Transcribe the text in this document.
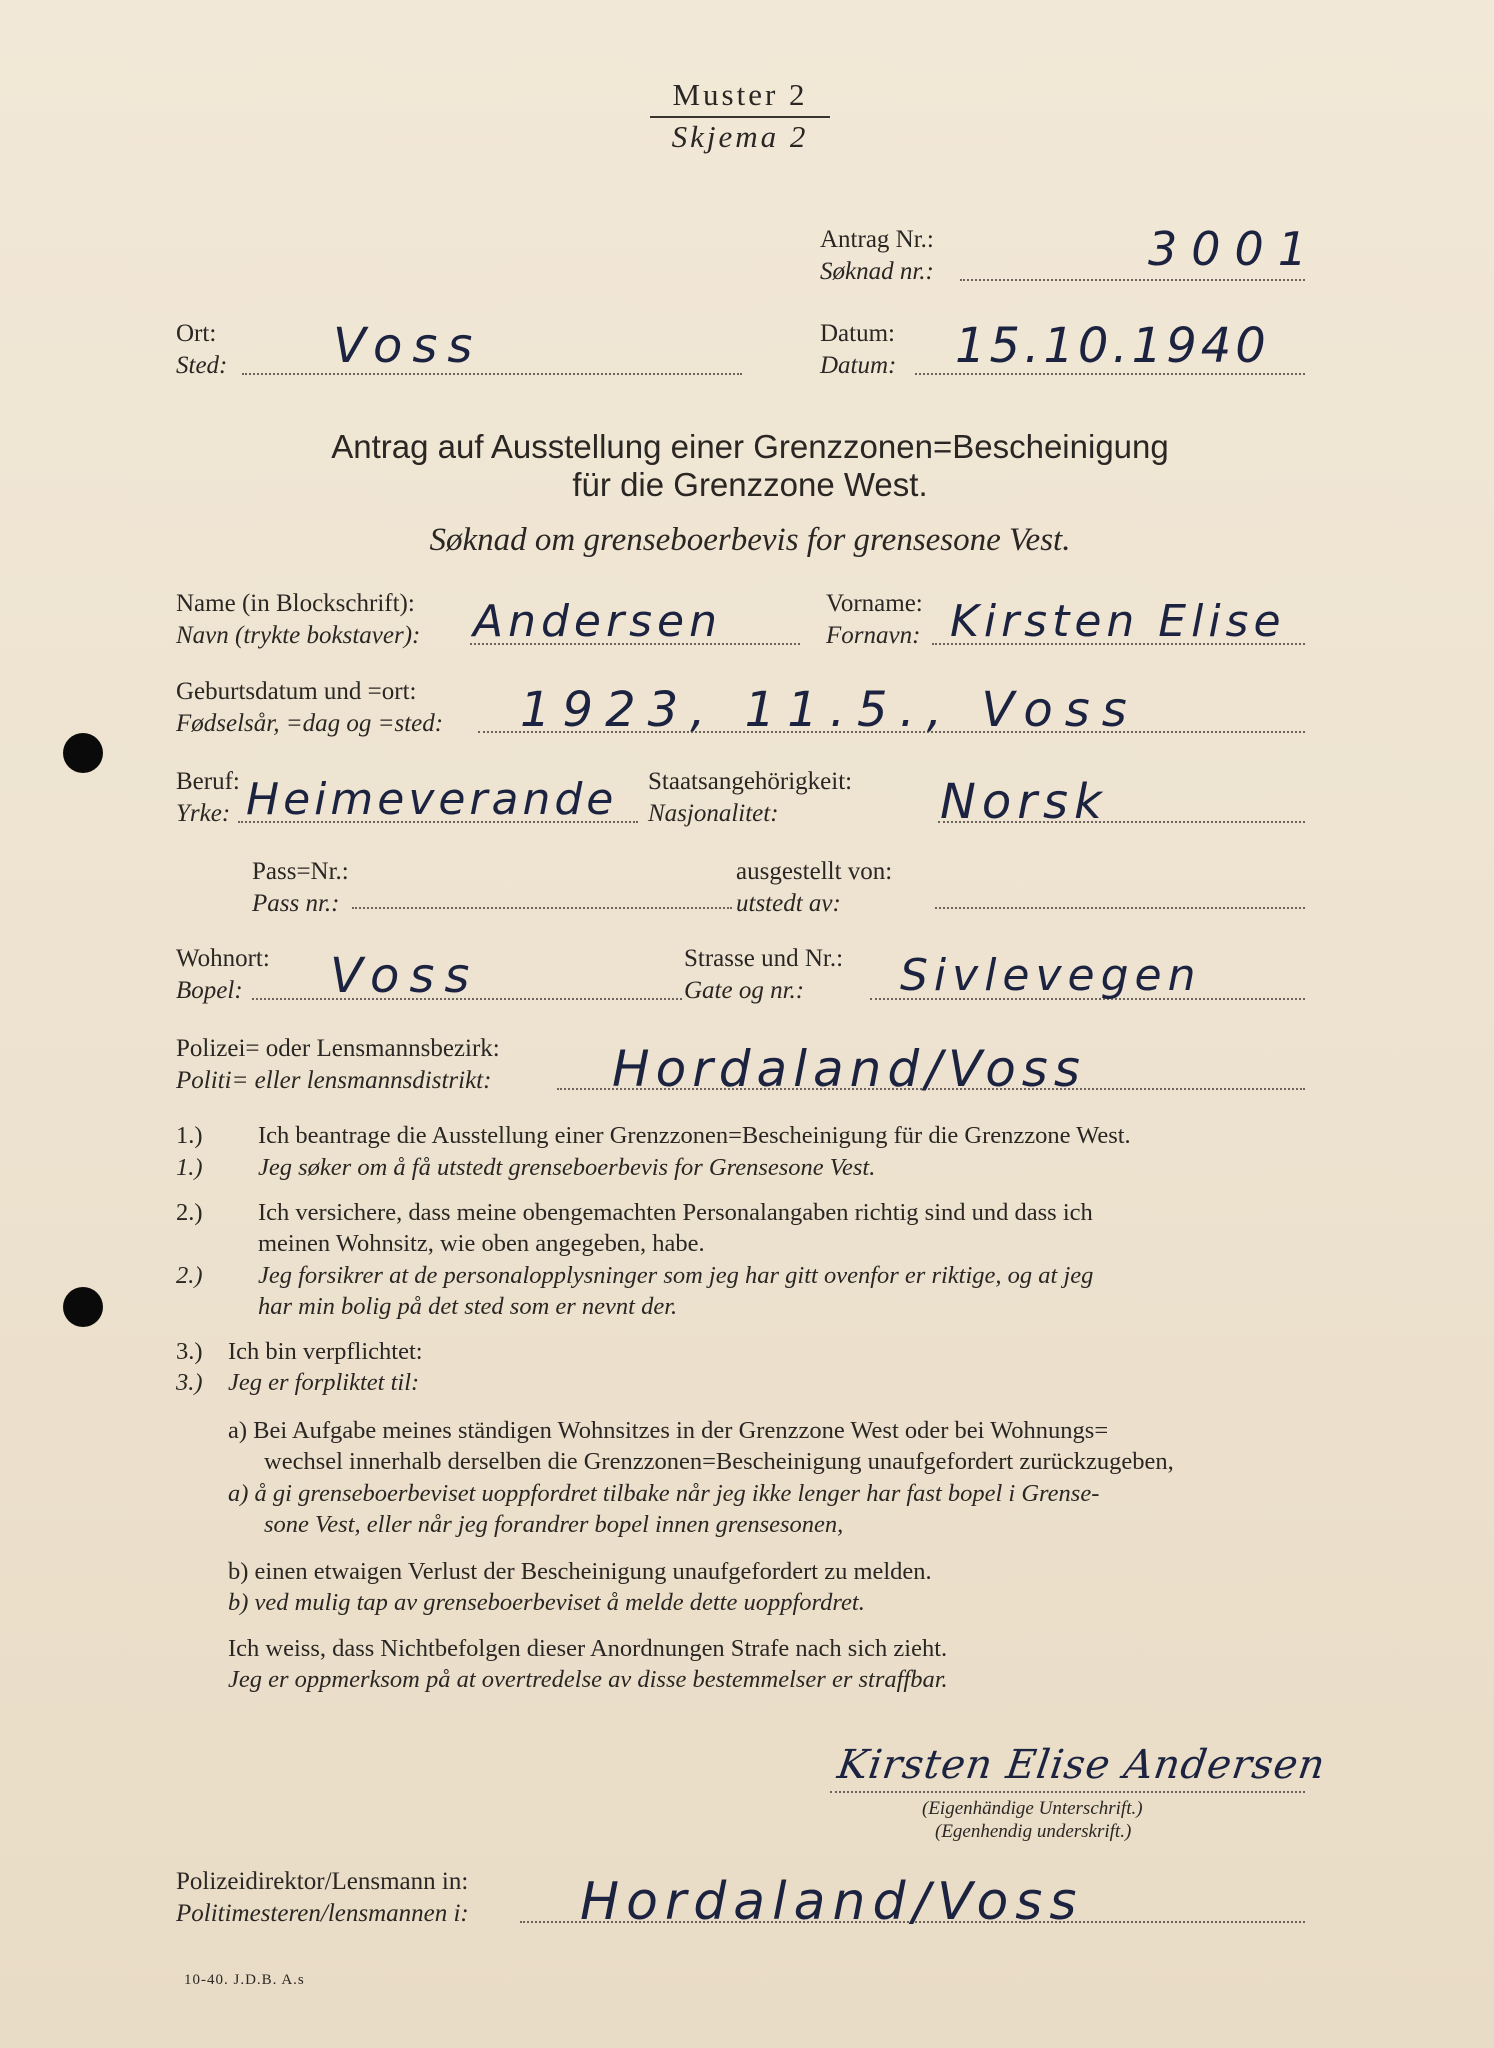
Muster 2
Skjema 2
Antrag Nr.:
Søknad nr.:	3001
Ort:
Sted: Voss	Datum:
Datum: 15.10.1940
Antrag auf Ausstellung einer Grenzzonen=Bescheinigung
für die Grenzzone West.
Søknad om grenseboerbevis for grensesone Vest.
Name (in Blockschrift):
Navn (trykte bokstaver): Andersen	Vorname:
Fornavn: Kirsten Elise
Geburtsdatum und =ort:
Fødselsår, =dag og =sted: 1923, 11.5., Voss
Beruf:
Yrke: Heimeverande Staatsangehörigkeit:
Nasjonalitet:	Norsk
Pass=Nr.:
Pass nr.:
ausgestellt von:
utstedt av:
Wohnort:
Bopel: Voss	Strasse und Nr.:
Gate og nr.: Sivlevegen
Polizei= oder Lensmannsbezirk:
Politi= eller lensmannsdistrikt: Hordaland/Voss
1.)
1.)
Ich beantrage die Ausstellung einer Grenzzonen=Bescheinigung für die Grenzzone West.
Jeg søker om å få utstedt grenseboerbevis for Grensesone Vest.
2.) Ich versichere, dass meine obengemachten Personalangaben richtig sind und dass ich
meinen Wohnsitz, wie oben angegeben, habe.
2.) Jeg forsikrer at de personalopplysninger som jeg har gitt ovenfor er riktige, og at jeg
har min bolig på det sted som er nevnt der.
3.) Ich bin verpflichtet:
3.) Jeg er forpliktet til:
a) Bei Aufgabe meines ständigen Wohnsitzes in der Grenzzone West oder bei Wohnungs=
wechsel innerhalb derselben die Grenzzonen=Bescheinigung unaufgefordert zurückzugeben,
a) å gi grenseboerbeviset uoppfordret tilbake når jeg ikke lenger har fast bopel i Grense-
sone Vest, eller når jeg forandrer bopel innen grensesonen,
b) einen etwaigen Verlust der Bescheinigung unaufgefordert zu melden.
b) ved mulig tap av grenseboerbeviset å melde dette uoppfordret.
Ich weiss, dass Nichtbefolgen dieser Anordnungen Strafe nach sich zieht.
Jeg er oppmerksom på at overtredelse av disse bestemmelser er straffbar.
Kirsten Elise Andersen
(Eigenhändige Unterschrift.)
(Egenhendig underskrift.)
Polizeidirektor/Lensmann in:
Politimesteren/lensmannen i: Hordaland/Voss
10-40. J.D.B. A.s
